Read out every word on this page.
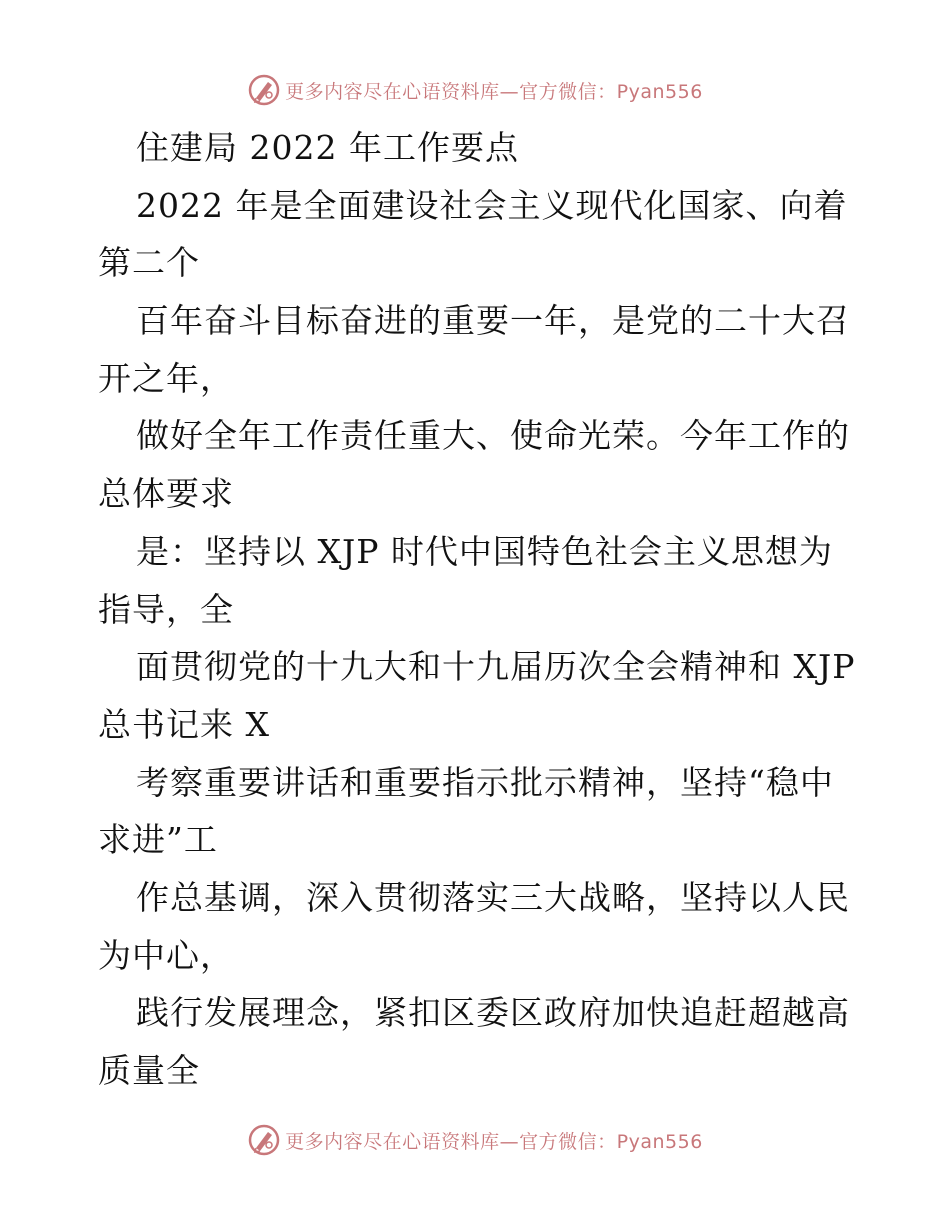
更多内容尽在心语资料库—官方微信：Pyan556
住建局 2022 年工作要点
2022 年是全面建设社会主义现代化国家、向着
第二个
百年奋斗目标奋进的重要一年，是党的二十大召
开之年，
做好全年工作责任重大、使命光荣。今年工作的
总体要求
是：坚持以 XJP 时代中国特色社会主义思想为
指导，全
面贯彻党的十九大和十九届历次全会精神和 XJP
总书记来 X
考察重要讲话和重要指示批示精神，坚持“稳中
求进”工
作总基调，深入贯彻落实三大战略，坚持以人民
为中心，
践行发展理念，紧扣区委区政府加快追赶超越高
质量全
更多内容尽在心语资料库—官方微信：Pyan556
